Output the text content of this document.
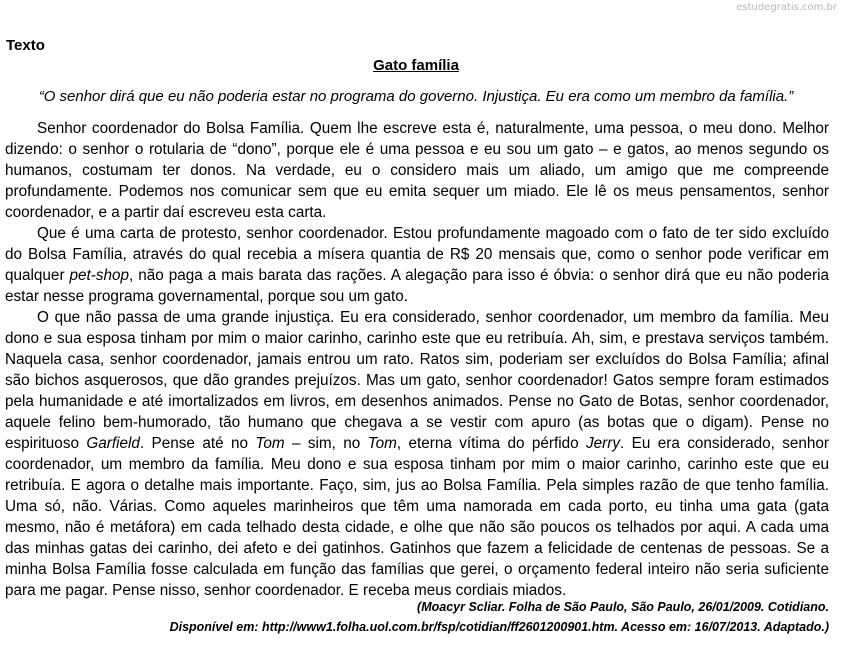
estudegratis.com.br
Texto
Gato família
“O senhor dirá que eu não poderia estar no programa do governo. Injustiça. Eu era como um membro da família.”

Senhor coordenador do Bolsa Família. Quem lhe escreve esta é, naturalmente, uma pessoa, o meu dono. Melhor dizendo: o senhor o rotularia de “dono”, porque ele é uma pessoa e eu sou um gato – e gatos, ao menos segundo os humanos, costumam ter donos. Na verdade, eu o considero mais um aliado, um amigo que me compreende profundamente. Podemos nos comunicar sem que eu emita sequer um miado. Ele lê os meus pensamentos, senhor coordenador, e a partir daí escreveu esta carta.

Que é uma carta de protesto, senhor coordenador. Estou profundamente magoado com o fato de ter sido excluído do Bolsa Família, através do qual recebia a mísera quantia de R$ 20 mensais que, como o senhor pode verificar em qualquer pet-shop, não paga a mais barata das rações. A alegação para isso é óbvia: o senhor dirá que eu não poderia estar nesse programa governamental, porque sou um gato.

O que não passa de uma grande injustiça. Eu era considerado, senhor coordenador, um membro da família. Meu dono e sua esposa tinham por mim o maior carinho, carinho este que eu retribuía. Ah, sim, e prestava serviços também. Naquela casa, senhor coordenador, jamais entrou um rato. Ratos sim, poderiam ser excluídos do Bolsa Família; afinal são bichos asquerosos, que dão grandes prejuízos. Mas um gato, senhor coordenador! Gatos sempre foram estimados pela humanidade e até imortalizados em livros, em desenhos animados. Pense no Gato de Botas, senhor coordenador, aquele felino bem-humorado, tão humano que chegava a se vestir com apuro (as botas que o digam). Pense no espirituoso Garfield. Pense até no Tom – sim, no Tom, eterna vítima do pérfido Jerry. Eu era considerado, senhor coordenador, um membro da família. Meu dono e sua esposa tinham por mim o maior carinho, carinho este que eu retribuía. E agora o detalhe mais importante. Faço, sim, jus ao Bolsa Família. Pela simples razão de que tenho família. Uma só, não. Várias. Como aqueles marinheiros que têm uma namorada em cada porto, eu tinha uma gata (gata mesmo, não é metáfora) em cada telhado desta cidade, e olhe que não são poucos os telhados por aqui. A cada uma das minhas gatas dei carinho, dei afeto e dei gatinhos. Gatinhos que fazem a felicidade de centenas de pessoas. Se a minha Bolsa Família fosse calculada em função das famílias que gerei, o orçamento federal inteiro não seria suficiente para me pagar. Pense nisso, senhor coordenador. E receba meus cordiais miados.

(Moacyr Scliar. Folha de São Paulo, São Paulo, 26/01/2009. Cotidiano.
Disponível em: http://www1.folha.uol.com.br/fsp/cotidian/ff2601200901.htm. Acesso em: 16/07/2013. Adaptado.)
